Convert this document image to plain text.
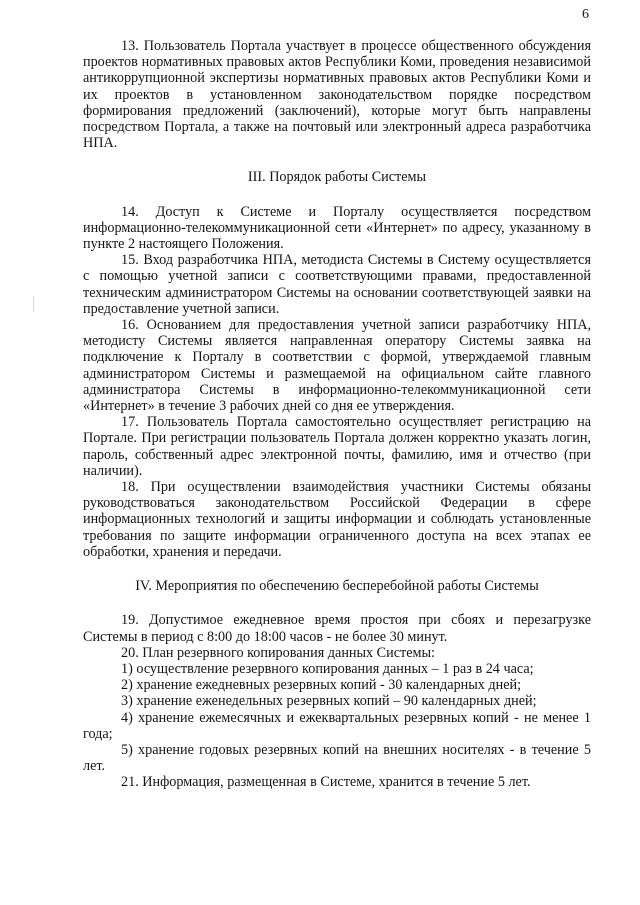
6

13. Пользователь Портала участвует в процессе общественного обсуждения проектов нормативных правовых актов Республики Коми, проведения независимой антикоррупционной экспертизы нормативных правовых актов Республики Коми и их проектов в установленном законодательством порядке посредством формирования предложений (заключений), которые могут быть направлены посредством Портала, а также на почтовый или электронный адреса разработчика НПА.

III. Порядок работы Системы

14. Доступ к Системе и Порталу осуществляется посредством информационно-телекоммуникационной сети «Интернет» по адресу, указанному в пункте 2 настоящего Положения.

15. Вход разработчика НПА, методиста Системы в Систему осуществляется с помощью учетной записи с соответствующими правами, предоставленной техническим администратором Системы на основании соответствующей заявки на предоставление учетной записи.

16. Основанием для предоставления учетной записи разработчику НПА, методисту Системы является направленная оператору Системы заявка на подключение к Порталу в соответствии с формой, утверждаемой главным администратором Системы и размещаемой на официальном сайте главного администратора Системы в информационно-телекоммуникационной сети «Интернет» в течение 3 рабочих дней со дня ее утверждения.

17. Пользователь Портала самостоятельно осуществляет регистрацию на Портале. При регистрации пользователь Портала должен корректно указать логин, пароль, собственный адрес электронной почты, фамилию, имя и отчество (при наличии).

18. При осуществлении взаимодействия участники Системы обязаны руководствоваться законодательством Российской Федерации в сфере информационных технологий и защиты информации и соблюдать установленные требования по защите информации ограниченного доступа на всех этапах ее обработки, хранения и передачи.

IV. Мероприятия по обеспечению бесперебойной работы Системы

19. Допустимое ежедневное время простоя при сбоях и перезагрузке Системы в период с 8:00 до 18:00 часов - не более 30 минут.

20. План резервного копирования данных Системы:

1) осуществление резервного копирования данных – 1 раз в 24 часа;

2) хранение ежедневных резервных копий - 30 календарных дней;

3) хранение еженедельных резервных копий – 90 календарных дней;

4) хранение ежемесячных и ежеквартальных резервных копий - не менее 1 года;

5) хранение годовых резервных копий на внешних носителях - в течение 5 лет.

21. Информация, размещенная в Системе, хранится в течение 5 лет.
